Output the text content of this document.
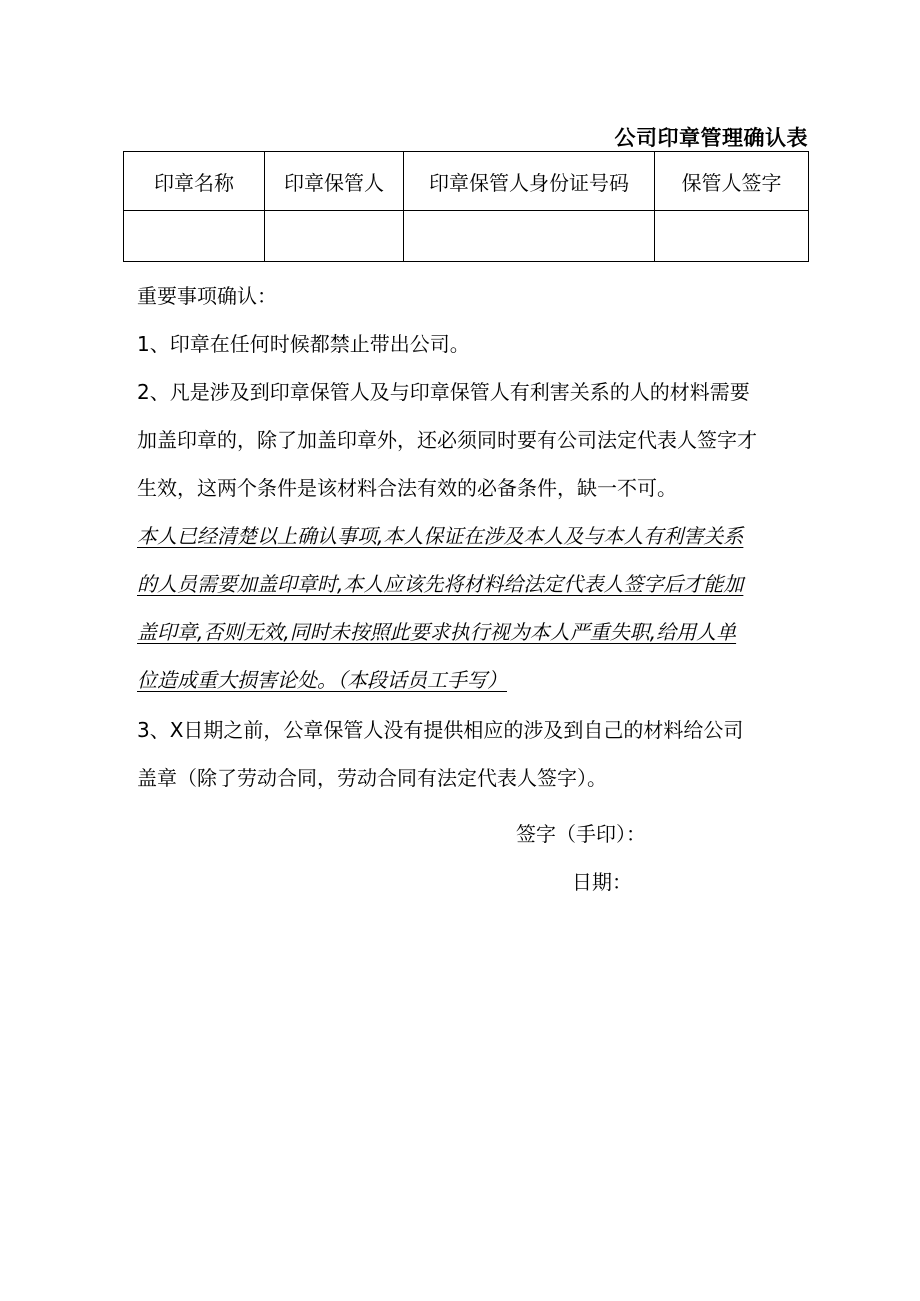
公司印章管理确认表
印章名称	印章保管人	印章保管人身份证号码	保管人签字

重要事项确认：
1、印章在任何时候都禁止带出公司。
2、凡是涉及到印章保管人及与印章保管人有利害关系的人的材料需要
加盖印章的，除了加盖印章外，还必须同时要有公司法定代表人签字才
生效，这两个条件是该材料合法有效的必备条件，缺一不可。
本人已经清楚以上确认事项,本人保证在涉及本人及与本人有利害关系
的人员需要加盖印章时,本人应该先将材料给法定代表人签字后才能加
盖印章,否则无效,同时未按照此要求执行视为本人严重失职,给用人单
位造成重大损害论处。（本段话员工手写）
3、X日期之前，公章保管人没有提供相应的涉及到自己的材料给公司
盖章（除了劳动合同，劳动合同有法定代表人签字）。
签字（手印）：
日期：
